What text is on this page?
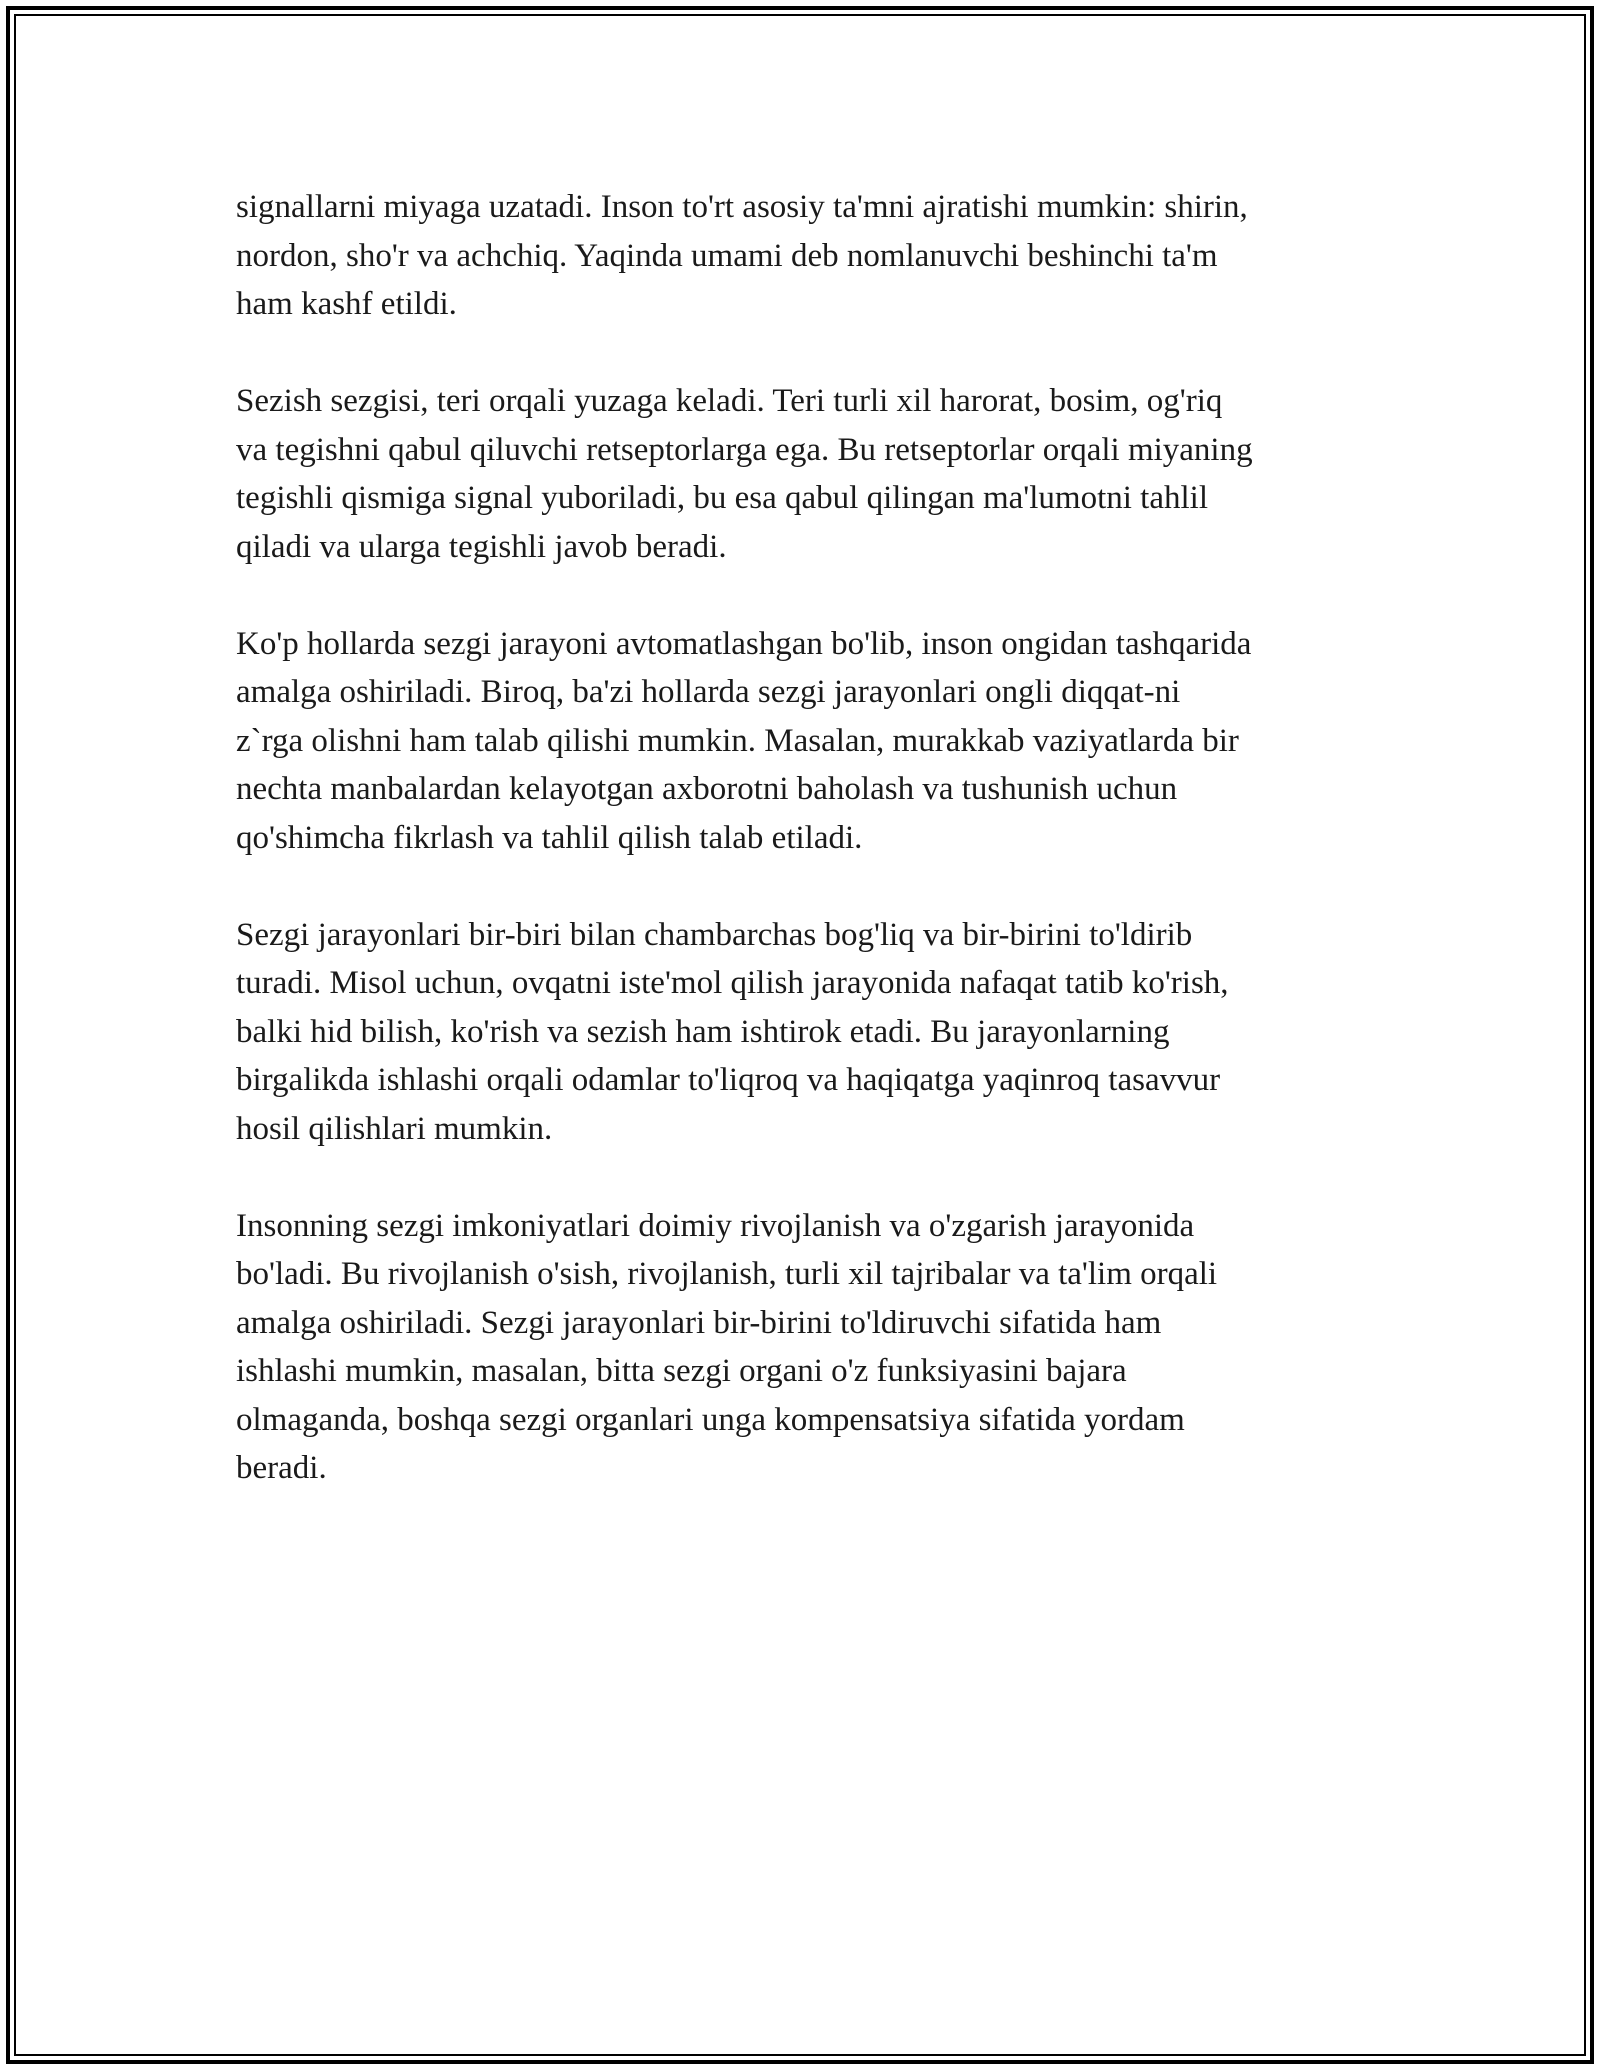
signallarni miyaga uzatadi. Inson to'rt asosiy ta'mni ajratishi mumkin: shirin,
nordon, sho'r va achchiq. Yaqinda umami deb nomlanuvchi beshinchi ta'm
ham kashf etildi.

Sezish sezgisi, teri orqali yuzaga keladi. Teri turli xil harorat, bosim, og'riq
va tegishni qabul qiluvchi retseptorlarga ega. Bu retseptorlar orqali miyaning
tegishli qismiga signal yuboriladi, bu esa qabul qilingan ma'lumotni tahlil
qiladi va ularga tegishli javob beradi.

Ko'p hollarda sezgi jarayoni avtomatlashgan bo'lib, inson ongidan tashqarida
amalga oshiriladi. Biroq, ba'zi hollarda sezgi jarayonlari ongli diqqat-ni
z`rga olishni ham talab qilishi mumkin. Masalan, murakkab vaziyatlarda bir
nechta manbalardan kelayotgan axborotni baholash va tushunish uchun
qo'shimcha fikrlash va tahlil qilish talab etiladi.

Sezgi jarayonlari bir-biri bilan chambarchas bog'liq va bir-birini to'ldirib
turadi. Misol uchun, ovqatni iste'mol qilish jarayonida nafaqat tatib ko'rish,
balki hid bilish, ko'rish va sezish ham ishtirok etadi. Bu jarayonlarning
birgalikda ishlashi orqali odamlar to'liqroq va haqiqatga yaqinroq tasavvur
hosil qilishlari mumkin.

Insonning sezgi imkoniyatlari doimiy rivojlanish va o'zgarish jarayonida
bo'ladi. Bu rivojlanish o'sish, rivojlanish, turli xil tajribalar va ta'lim orqali
amalga oshiriladi. Sezgi jarayonlari bir-birini to'ldiruvchi sifatida ham
ishlashi mumkin, masalan, bitta sezgi organi o'z funksiyasini bajara
olmaganda, boshqa sezgi organlari unga kompensatsiya sifatida yordam
beradi.
